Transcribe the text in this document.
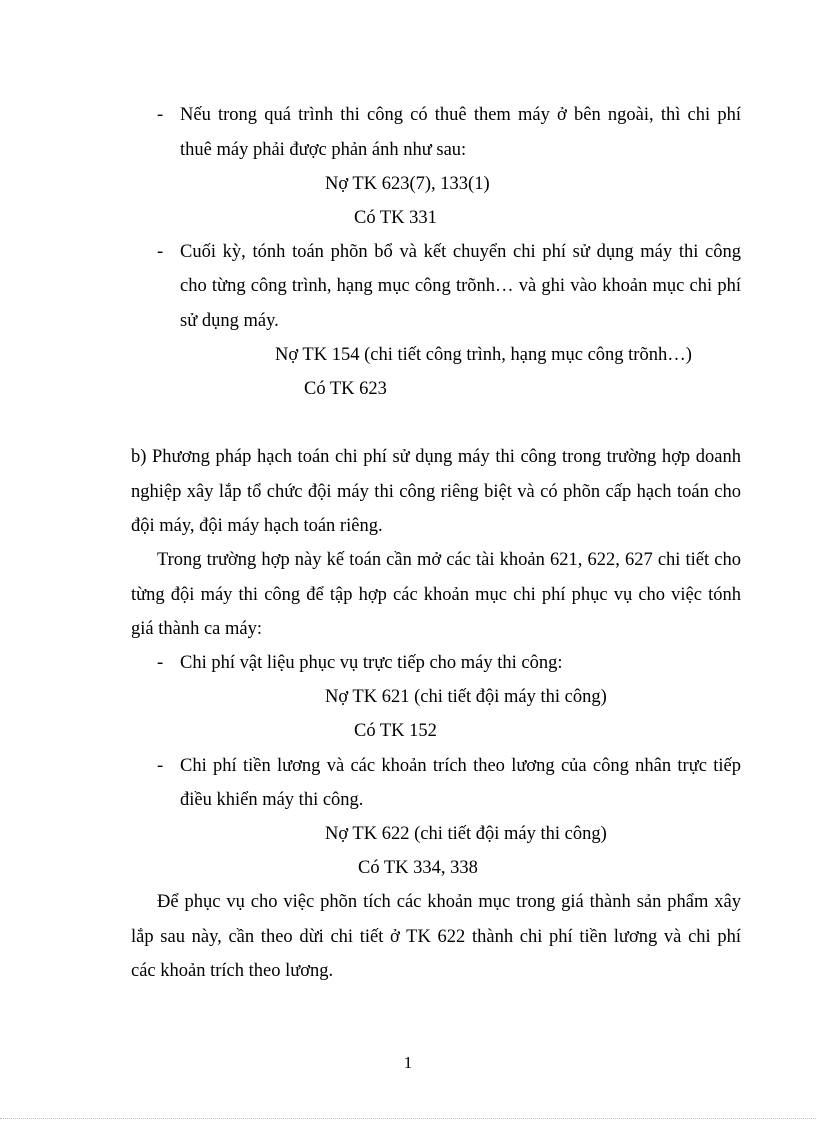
- Nếu trong quá trình thi công có thuê them máy ở bên ngoài, thì chi phí
thuê máy phải được phản ánh như sau:
Nợ TK 623(7), 133(1)
Có TK 331
- Cuối kỳ, tónh toán phõn bổ và kết chuyển chi phí sử dụng máy thi công
cho từng công trình, hạng mục công trõnh… và ghi vào khoản mục chi phí
sử dụng máy.
Nợ TK 154 (chi tiết công trình, hạng mục công trõnh…)
Có TK 623
b) Phương pháp hạch toán chi phí sử dụng máy thi công trong trường hợp doanh
nghiệp xây lắp tổ chức đội máy thi công riêng biệt và có phõn cấp hạch toán cho
đội máy, đội máy hạch toán riêng.
Trong trường hợp này kế toán cần mở các tài khoản 621, 622, 627 chi tiết cho
từng đội máy thi công để tập hợp các khoản mục chi phí phục vụ cho việc tónh
giá thành ca máy:
- Chi phí vật liệu phục vụ trực tiếp cho máy thi công:
Nợ TK 621 (chi tiết đội máy thi công)
Có TK 152
- Chi phí tiền lương và các khoản trích theo lương của công nhân trực tiếp
điều khiển máy thi công.
Nợ TK 622 (chi tiết đội máy thi công)
Có TK 334, 338
Để phục vụ cho việc phõn tích các khoản mục trong giá thành sản phẩm xây
lắp sau này, cần theo dừi chi tiết ở TK 622 thành chi phí tiền lương và chi phí
các khoản trích theo lương.
1
